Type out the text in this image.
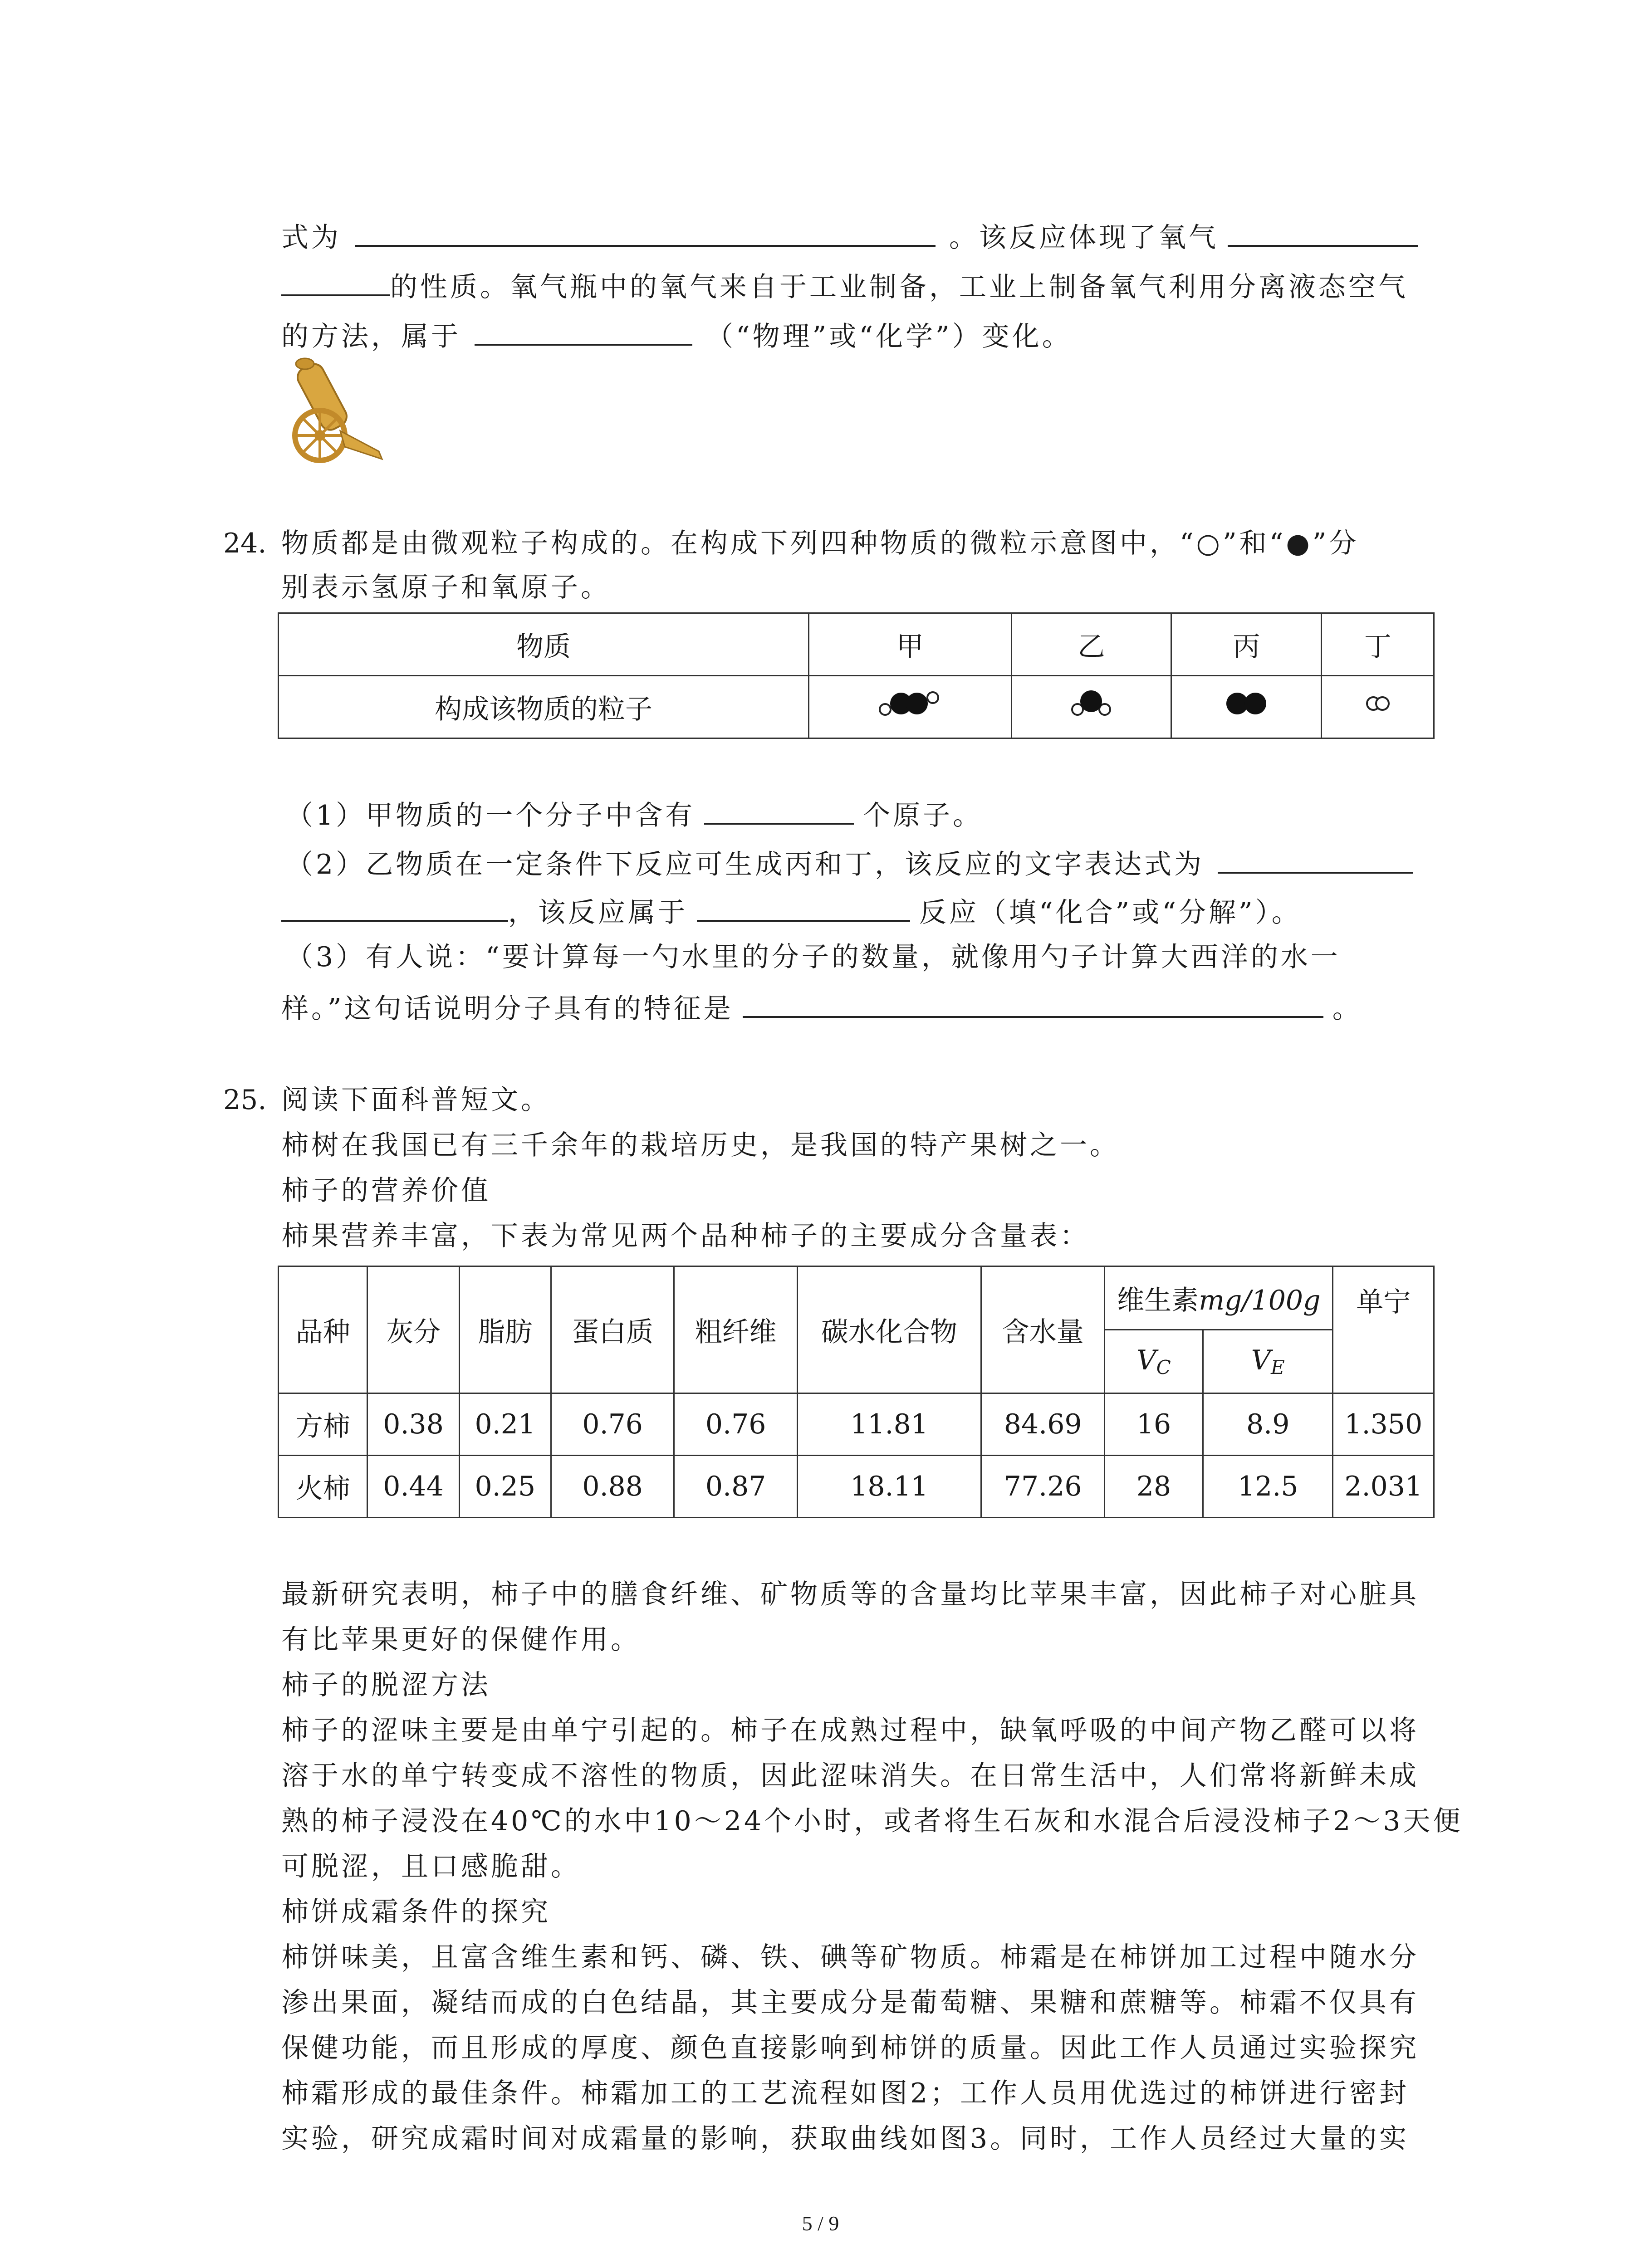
式为	。该反应体现了氧气
的性质。氧气瓶中的氧气来自于工业制备，工业上制备氧气利用分离液态空气
的方法，属于	（“物理”或“化学”）变化。
24. 物质都是由微观粒子构成的。在构成下列四种物质的微粒示意图中，“○”和“●”分
别表示氢原子和氧原子。
物质	甲	乙	丙	丁
构成该物质的粒子				
（1）甲物质的一个分子中含有	个原子。
（2）乙物质在一定条件下反应可生成丙和丁，该反应的文字表达式为
，该反应属于	反应（填“化合”或“分解”）。
（3）有人说：“要计算每一勺水里的分子的数量，就像用勺子计算大西洋的水一
样。”这句话说明分子具有的特征是	。
25. 阅读下面科普短文。
柿树在我国已有三千余年的栽培历史，是我国的特产果树之一。
柿子的营养价值
柿果营养丰富，下表为常见两个品种柿子的主要成分含量表：
品种	灰分	脂肪	蛋白质	粗纤维	碳水化合物	含水量	维生素mg/100g		单宁
							$V_C$	$V_E$
方柿	0.38	0.21	0.76	0.76	11.81	84.69	16	8.9	1.350
火柿	0.44	0.25	0.88	0.87	18.11	77.26	28	12.5	2.031
最新研究表明，柿子中的膳食纤维、矿物质等的含量均比苹果丰富，因此柿子对心脏具
有比苹果更好的保健作用。
柿子的脱涩方法
柿子的涩味主要是由单宁引起的。柿子在成熟过程中，缺氧呼吸的中间产物乙醛可以将
溶于水的单宁转变成不溶性的物质，因此涩味消失。在日常生活中，人们常将新鲜未成
熟的柿子浸没在40℃的水中10～24个小时，或者将生石灰和水混合后浸没柿子2～3天便
可脱涩，且口感脆甜。
柿饼成霜条件的探究
柿饼味美，且富含维生素和钙、磷、铁、碘等矿物质。柿霜是在柿饼加工过程中随水分
渗出果面，凝结而成的白色结晶，其主要成分是葡萄糖、果糖和蔗糖等。柿霜不仅具有
保健功能，而且形成的厚度、颜色直接影响到柿饼的质量。因此工作人员通过实验探究
柿霜形成的最佳条件。柿霜加工的工艺流程如图2；工作人员用优选过的柿饼进行密封
实验，研究成霜时间对成霜量的影响，获取曲线如图3。同时，工作人员经过大量的实
5 / 9
